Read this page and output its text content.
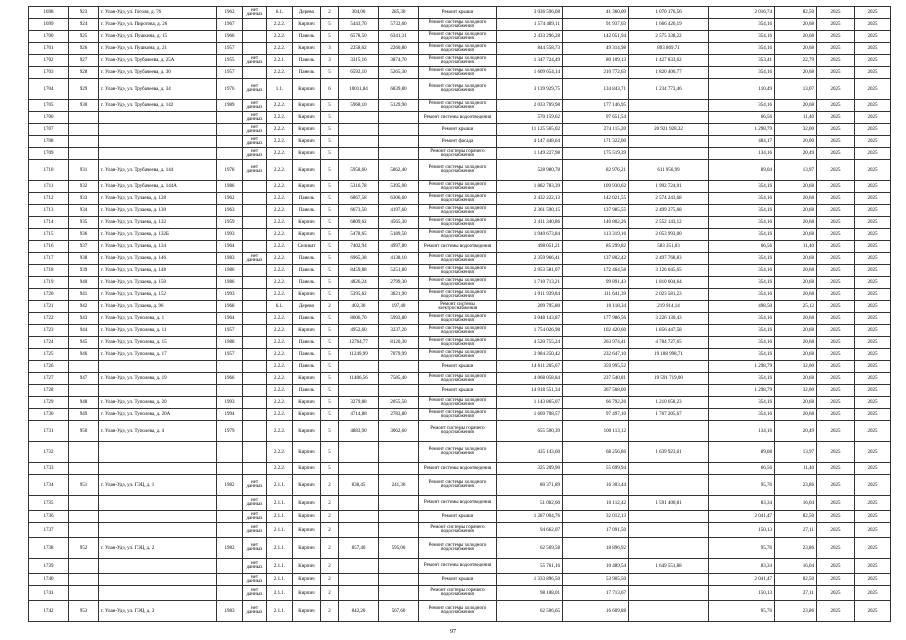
1698	923	г. Улан-Удэ, ул. Гоголя, д. 76	1962	нет данных	6.1.	Дерево	2	304,00	285,30	Ремонт крыши	3 036 596,08	41 360,00	1 070 176,56	2 016,74	82,50	2025	2025
1699	924	г. Улан-Удэ, ул. Пирогова, д. 26	1967		2.2.2.	Кирпич	5	5443,70	5732,60	Ремонт системы холодного водоснабжения	1 574 489,11	91 937,03	1 666 426,19	354,16	20,68	2025	2025
1700	925	г. Улан-Удэ, ул. Пушкина, д. 15	1966		2.2.2.	Панель	5	6578,50	6341,31	Ремонт системы холодного водоснабжения	2 433 296,28	142 051,94	2 575 338,22	354,16	20,68	2025	2025
1701	926	г. Улан-Удэ, ул. Пушкина, д. 21	1957		2.2.2.	Кирпич	3	2258,62	2260,80	Ремонт системы холодного водоснабжения	844 558,73	49 314,98	893 869,71	354,16	20,68	2025	2025
1702	927	г. Улан-Удэ, ул. Трубачеева, д. 25А	1955	нет данных	2.2.1.	Панель	3	3315,16	3874,70	Ремонт системы холодного водоснабжения	1 347 724,49	80 109,13	1 427 833,62	353,41	22,79	2025	2025
1703	928	г. Улан-Удэ, ул. Трубачеева, д. 30	1957		2.2.2.	Панель	5	6592,10	5265,30	Ремонт системы холодного водоснабжения	1 609 654,14	210 772,63	1 820 406,77	354,16	20,68	2025	2025
1704	929	г. Улан-Удэ, ул. Трубачеева, д. 34	1976	нет данных	1.1.	Кирпич	6	10011,84	6839,80	Ремонт системы холодного водоснабжения	3 139 929,75	134 843,71	1 234 773,46	110,49	13,07	2025	2025
1705	930	г. Улан-Удэ, ул. Трубачеева, д. 142	1989	нет данных	2.2.2.	Кирпич	5	5968,10	5129,90	Ремонт системы холодного водоснабжения	2 033 769,98	177 146,95		354,16	20,68	2025	2025
1706				нет данных	2.2.2.	Кирпич	5			Ремонт системы водоотведения	570 159,62	97 651,54		66,56	11,40	2025	2025
1707				нет данных	2.2.2.	Кирпич	5			Ремонт крыши	11 125 565,02	274 115,20	20 921 928,32	1 298,79	32,00	2025	2025
1708				нет данных	2.2.2.	Кирпич	5			Ремонт фасада	4 147 448,64	171 322,00		484,17	20,00	2025	2025
1709				нет данных	2.2.2.	Кирпич	5			Ремонт системы горячего водоснабжения	1 149 227,98	175 519,39		134,16	20,49	2025	2025
1710	931	г. Улан-Удэ, ул. Трубачеева, д. 144	1978	нет данных	2.2.2.	Кирпич	5	5958,60	5862,40	Ремонт системы холодного водоснабжения	528 980,78	82 976,21	611 956,99	89,04	13,97	2025	2025
1711	932	г. Улан-Удэ, ул. Трубачеева, д. 144А	1986		2.2.2.	Кирпич	5	5316,78	5395,90	Ремонт системы холодного водоснабжения	1 882 783,39	109 930,62	1 992 724,01	354,16	20,68	2025	2025
1712	933	г. Улан-Удэ, ул. Тулаева, д. 128	1962		2.2.2.	Панель	5	6867,58	6306,60	Ремонт системы холодного водоснабжения	2 432 222,13	142 021,55	2 574 243,68	354,16	20,68	2025	2025
1713	934	г. Улан-Удэ, ул. Тулаева, д. 130	1963		2.2.2.	Панель	5	6673,50	4197,60	Ремонт системы холодного водоснабжения	2 361 590,15	137 985,55	2 499 275,68	354,16	20,68	2025	2025
1714	935	г. Улан-Удэ, ул. Тулаева, д. 132	1959		2.2.2.	Кирпич	5	6809,62	4565,30	Ремонт системы холодного водоснабжения	2 411 340,86	140 802,26	2 552 143,12	354,16	20,68	2025	2025
1715	936	г. Улан-Удэ, ул. Тулаева, д. 132Б	1993		2.2.2.	Кирпич	5	5478,65	5189,50	Ремонт системы холодного водоснабжения	1 940 673,84	113 319,16	2 053 993,00	354,16	20,68	2025	2025
1716	937	г. Улан-Удэ, ул. Тулаева, д. 134	1964		2.2.2.	Силикат	5	7402,94	4997,80	Ремонт системы водоотведения	498 051,21	85 299,82	583 351,03	66,56	11,40	2025	2025
1717	938	г. Улан-Удэ, ул. Тулаева, д. 146	1983	нет данных	2.2.2.	Панель	5	6965,38	4138,10	Ремонт системы холодного водоснабжения	2 359 966,41	137 802,42	2 497 768,83	354,16	20,68	2025	2025
1718	939	г. Улан-Удэ, ул. Тулаева, д. 148	1986		2.2.2.	Панель	5	8459,88	5251,80	Ремонт системы холодного водоснабжения	2 953 581,07	172 464,58	3 126 045,65	354,16	20,68	2025	2025
1719	940	г. Улан-Удэ, ул. Тулаева, д. 150	1986		2.2.2.	Панель	5	4826,24	2799,30	Ремонт системы холодного водоснабжения	1 710 713,21	99 891,43	1 810 604,64	354,16	20,68	2025	2025
1720	941	г. Улан-Удэ, ул. Тулаева, д. 152	1993		2.2.2.	Кирпич	5	5395,62	3821,90	Ремонт системы холодного водоснабжения	1 911 939,84	111 641,39	2 023 581,23	354,16	20,68	2025	2025
1721	942	г. Улан-Удэ, ул. Тулаева, д. 96	1968		6.1.	Дерево	2	402,30	197,40	Ремонт системы электроснабжения	209 795,80	10 118,34	219 914,14	498,50	25,12	2025	2025
1722	943	г. Улан-Удэ, ул. Туполева, д. 1	1964		2.2.2.	Панель	5	8606,70	5993,80	Ремонт системы холодного водоснабжения	3 048 143,87	177 986,56	3 226 130,43	354,16	20,68	2025	2025
1723	944	г. Улан-Удэ, ул. Туполева, д. 11	1957		2.2.2.	Кирпич	5	4952,60	3237,20	Ремонт системы холодного водоснабжения	1 754 026,98	102 420,60	1 856 447,58	354,16	20,68	2025	2025
1724	945	г. Улан-Удэ, ул. Туполева, д. 15	1988		2.2.2.	Панель	5	12764,77	8120,30	Ремонт системы холодного водоснабжения	4 520 755,24	263 974,41	4 784 727,65	354,16	20,68	2025	2025
1725	946	г. Улан-Удэ, ул. Туполева, д. 17	1957		2.2.2.	Панель	5	11249,99	7079,99	Ремонт системы холодного водоснабжения	3 984 250,42	232 647,10	19 188 998,71	354,16	20,68	2025	2025
1726					2.2.2.	Панель	5			Ремонт крыши	14 611 205,67	359 995,52		1 298,79	32,00	2025	2025
1727	947	г. Улан-Удэ, ул. Туполева, д. 19	1966		2.2.2.	Кирпич	5	11486,56	7585,40	Ремонт системы холодного водоснабжения	4 068 058,84	237 540,81	19 591 719,00	354,16	20,68	2025	2025
1728					2.2.2.	Панель	5			Ремонт крыши	14 918 551,34	367 568,00		1 298,79	32,00	2025	2025
1729	948	г. Улан-Удэ, ул. Туполева, д. 20	1993		2.2.2.	Кирпич	5	3279,88	2055,50	Ремонт системы холодного водоснабжения	1 143 865,07	66 792,26	1 210 658,23	354,16	20,68	2025	2025
1730	949	г. Улан-Удэ, ул. Туполева, д. 20А	1994		2.2.2.	Кирпич	5	4714,88	2783,80	Ремонт системы холодного водоснабжения	1 669 708,57	97 497,10	1 767 205,67	354,16	20,68	2025	2025
1731	950	г. Улан-Удэ, ул. Туполева, д. 4	1979		2.2.2.	Кирпич	5	4883,90	3062,60	Ремонт системы горячего водоснабжения	655 500,39	100 113,12		134,16	20,49	2025	2025
1732					2.2.2.	Кирпич	5			Ремонт системы холодного водоснабжения	435 143,60	68 256,86	1 639 923,61	89,08	13,97	2025	2025
1733					2.2.2.	Кирпич	5			Ремонт системы водоотведения	325 209,90	55 699,94		66,56	11,40	2025	2025
1734	951	г. Улан-Удэ, ул. ГЭЦ, д. 1	1982	нет данных	2.1.1.	Кирпич	2	838,45	241,30	Ремонт системы холодного водоснабжения	80 371,89	16 303,44		95,76	23,86	2025	2025
1735				нет данных	2.1.1.	Кирпич	2			Ремонт системы водоотведения	51 002,60	10 112,42	1 591 400,81	83,34	16,04	2025	2025
1736				нет данных	2.1.1.	Кирпич	2			Ремонт крыши	1 287 004,76	32 012,13		2 041,47	82,50	2025	2025
1737				нет данных	2.1.1.	Кирпич	2			Ремонт системы горячего водоснабжения	94 662,07	17 091,50		150,13	27,11	2025	2025
1738	952	г. Улан-Удэ, ул. ГЭЦ, д. 2	1982	нет данных	2.1.1.	Кирпич	2	857,40	595,00	Ремонт системы холодного водоснабжения	62 569,58	18 896,92		95,76	23,86	2025	2025
1739				нет данных	2.1.1.	Кирпич	2			Ремонт системы водоотведения	55 761,16	10 489,54	1 649 551,88	83,34	16,04	2025	2025
1740				нет данных	2.1.1.	Кирпич	2			Ремонт крыши	1 333 896,50	53 905,50		2 041,47	82,50	2025	2025
1741				нет данных	2.1.1.	Кирпич	2			Ремонт системы горячего водоснабжения	98 108,01	17 713,67		150,13	27,11	2025	2025
1742	953	г. Улан-Удэ, ул. ГЭЦ, д. 3	1983	нет данных	2.1.1.	Кирпич	2	842,20	567,60	Ремонт системы холодного водоснабжения	62 506,65	16 609,88		95,76	23,86	2025	2025
97
